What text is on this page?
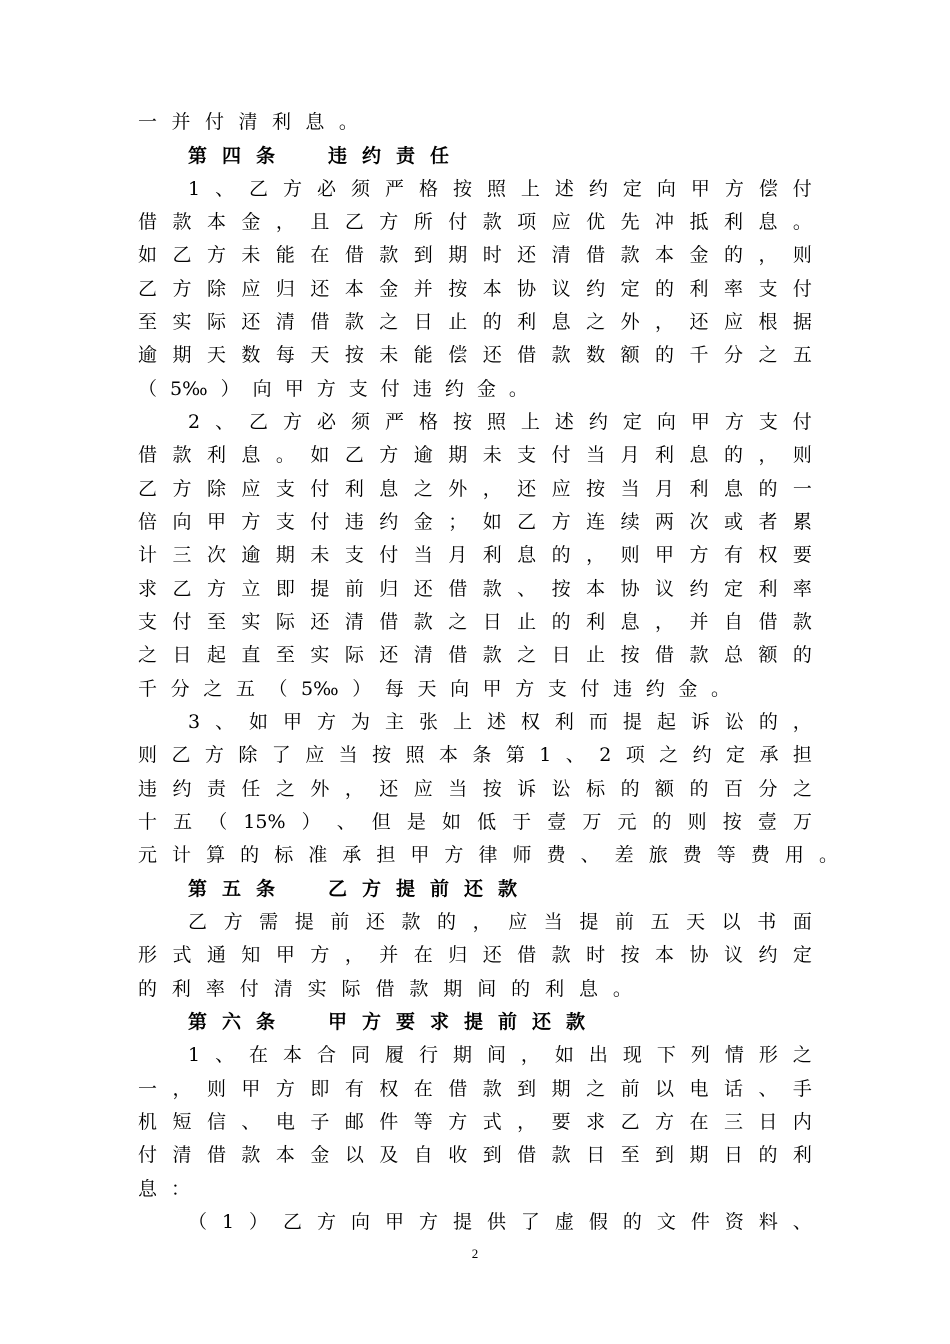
一 并 付 清 利 息 。
第 四 条	违 约 责 任
1 、 乙 方 必 须 严 格 按 照 上 述 约 定 向 甲 方 偿 付
借 款 本 金 ， 且 乙 方 所 付 款 项 应 优 先 冲 抵 利 息 。
如 乙 方 未 能 在 借 款 到 期 时 还 清 借 款 本 金 的 ， 则
乙 方 除 应 归 还 本 金 并 按 本 协 议 约 定 的 利 率 支 付
至 实 际 还 清 借 款 之 日 止 的 利 息 之 外 ， 还 应 根 据
逾 期 天 数 每 天 按 未 能 偿 还 借 款 数 额 的 千 分 之 五
（ 5‰ ） 向 甲 方 支 付 违 约 金 。
2 、 乙 方 必 须 严 格 按 照 上 述 约 定 向 甲 方 支 付
借 款 利 息 。 如 乙 方 逾 期 未 支 付 当 月 利 息 的 ， 则
乙 方 除 应 支 付 利 息 之 外 ， 还 应 按 当 月 利 息 的 一
倍 向 甲 方 支 付 违 约 金 ； 如 乙 方 连 续 两 次 或 者 累
计 三 次 逾 期 未 支 付 当 月 利 息 的 ， 则 甲 方 有 权 要
求 乙 方 立 即 提 前 归 还 借 款 、 按 本 协 议 约 定 利 率
支 付 至 实 际 还 清 借 款 之 日 止 的 利 息 ， 并 自 借 款
之 日 起 直 至 实 际 还 清 借 款 之 日 止 按 借 款 总 额 的
千 分 之 五 （ 5‰ ） 每 天 向 甲 方 支 付 违 约 金 。
3 、 如 甲 方 为 主 张 上 述 权 利 而 提 起 诉 讼 的 ，
则 乙 方 除 了 应 当 按 照 本 条 第 1 、 2 项 之 约 定 承 担
违 约 责 任 之 外 ， 还 应 当 按 诉 讼 标 的 额 的 百 分 之
十 五 （ 15% ） 、 但 是 如 低 于 壹 万 元 的 则 按 壹 万
元 计 算 的 标 准 承 担 甲 方 律 师 费 、 差 旅 费 等 费 用 。
第 五 条	乙 方 提 前 还 款
乙 方 需 提 前 还 款 的 ， 应 当 提 前 五 天 以 书 面
形 式 通 知 甲 方 ， 并 在 归 还 借 款 时 按 本 协 议 约 定
的 利 率 付 清 实 际 借 款 期 间 的 利 息 。
第 六 条	甲 方 要 求 提 前 还 款
1 、 在 本 合 同 履 行 期 间 ， 如 出 现 下 列 情 形 之
一 ， 则 甲 方 即 有 权 在 借 款 到 期 之 前 以 电 话 、 手
机 短 信 、 电 子 邮 件 等 方 式 ， 要 求 乙 方 在 三 日 内
付 清 借 款 本 金 以 及 自 收 到 借 款 日 至 到 期 日 的 利
息 ：
（ 1 ） 乙 方 向 甲 方 提 供 了 虚 假 的 文 件 资 料 、
2
